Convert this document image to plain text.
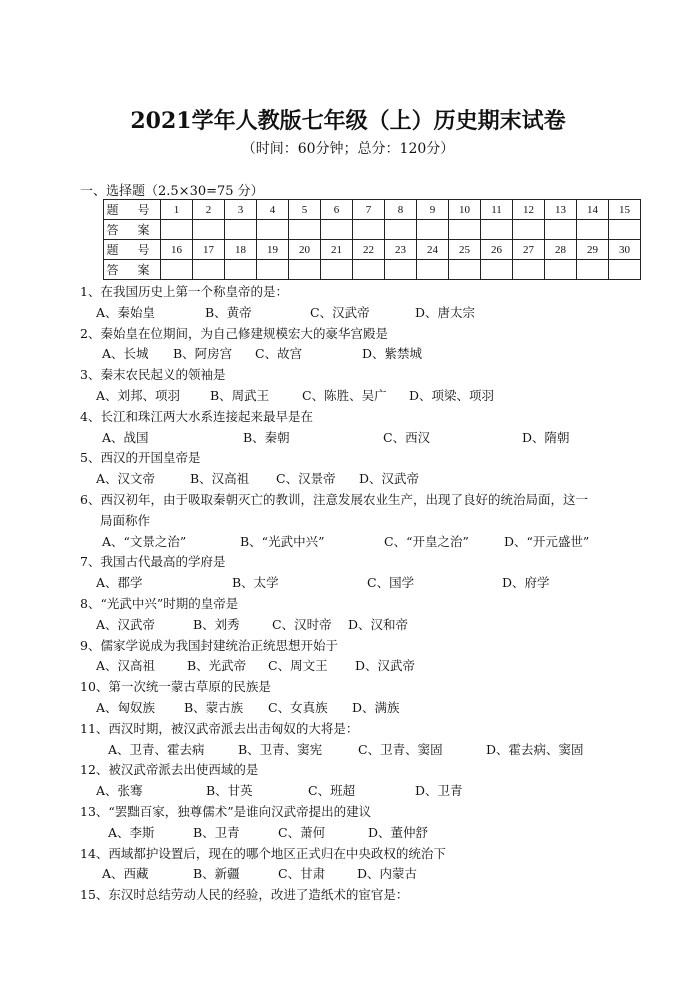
2021学年人教版七年级（上）历史期末试卷
（时间：60分钟；总分：120分）
一、选择题（2.5×30=75 分）
题 号	1	2	3	4	5	6	7	8	9	10	11	12	13	14	15
答 案															
题 号	16	17	18	19	20	21	22	23	24	25	26	27	28	29	30
答 案															
1、在我国历史上第一个称皇帝的是：
A、秦始皇	B、黄帝	C、汉武帝	D、唐太宗
2、秦始皇在位期间，为自己修建规模宏大的豪华宫殿是
A、长城 B、阿房宫 C、故宫	D、紫禁城
3、秦末农民起义的领袖是
A、刘邦、项羽 B、周武王	C、陈胜、吴广 D、项梁、项羽
4、长江和珠江两大水系连接起来最早是在
A、战国	B、秦朝	C、西汉	D、隋朝
5、西汉的开国皇帝是
A、汉文帝	B、汉高祖 C、汉景帝 D、汉武帝
6、西汉初年，由于吸取秦朝灭亡的教训，注意发展农业生产，出现了良好的统治局面，这一
局面称作
A、“文景之治”	B、“光武中兴”	C、“开皇之治”	D、“开元盛世”
7、我国古代最高的学府是
A、郡学	B、太学	C、国学	D、府学
8、“光武中兴”时期的皇帝是
A、汉武帝	B、刘秀	C、汉时帝 D、汉和帝
9、儒家学说成为我国封建统治正统思想开始于
A、汉高祖	B、光武帝 C、周文王 D、汉武帝
10、第一次统一蒙古草原的民族是
A、匈奴族 B、蒙古族 C、女真族 D、满族
11、西汉时期，被汉武帝派去出击匈奴的大将是：
A、卫青、霍去病	B、卫青、窦宪	C、卫青、窦固	D、霍去病、窦固
12、被汉武帝派去出使西域的是
A、张骞	B、甘英	C、班超	D、卫青
13、“罢黜百家，独尊儒术”是谁向汉武帝提出的建议
A、李斯	B、卫青	C、萧何	D、董仲舒
14、西域都护设置后，现在的哪个地区正式归在中央政权的统治下
A、西藏	B、新疆	C、甘肃	D、内蒙古
15、东汉时总结劳动人民的经验，改进了造纸术的宦官是：
